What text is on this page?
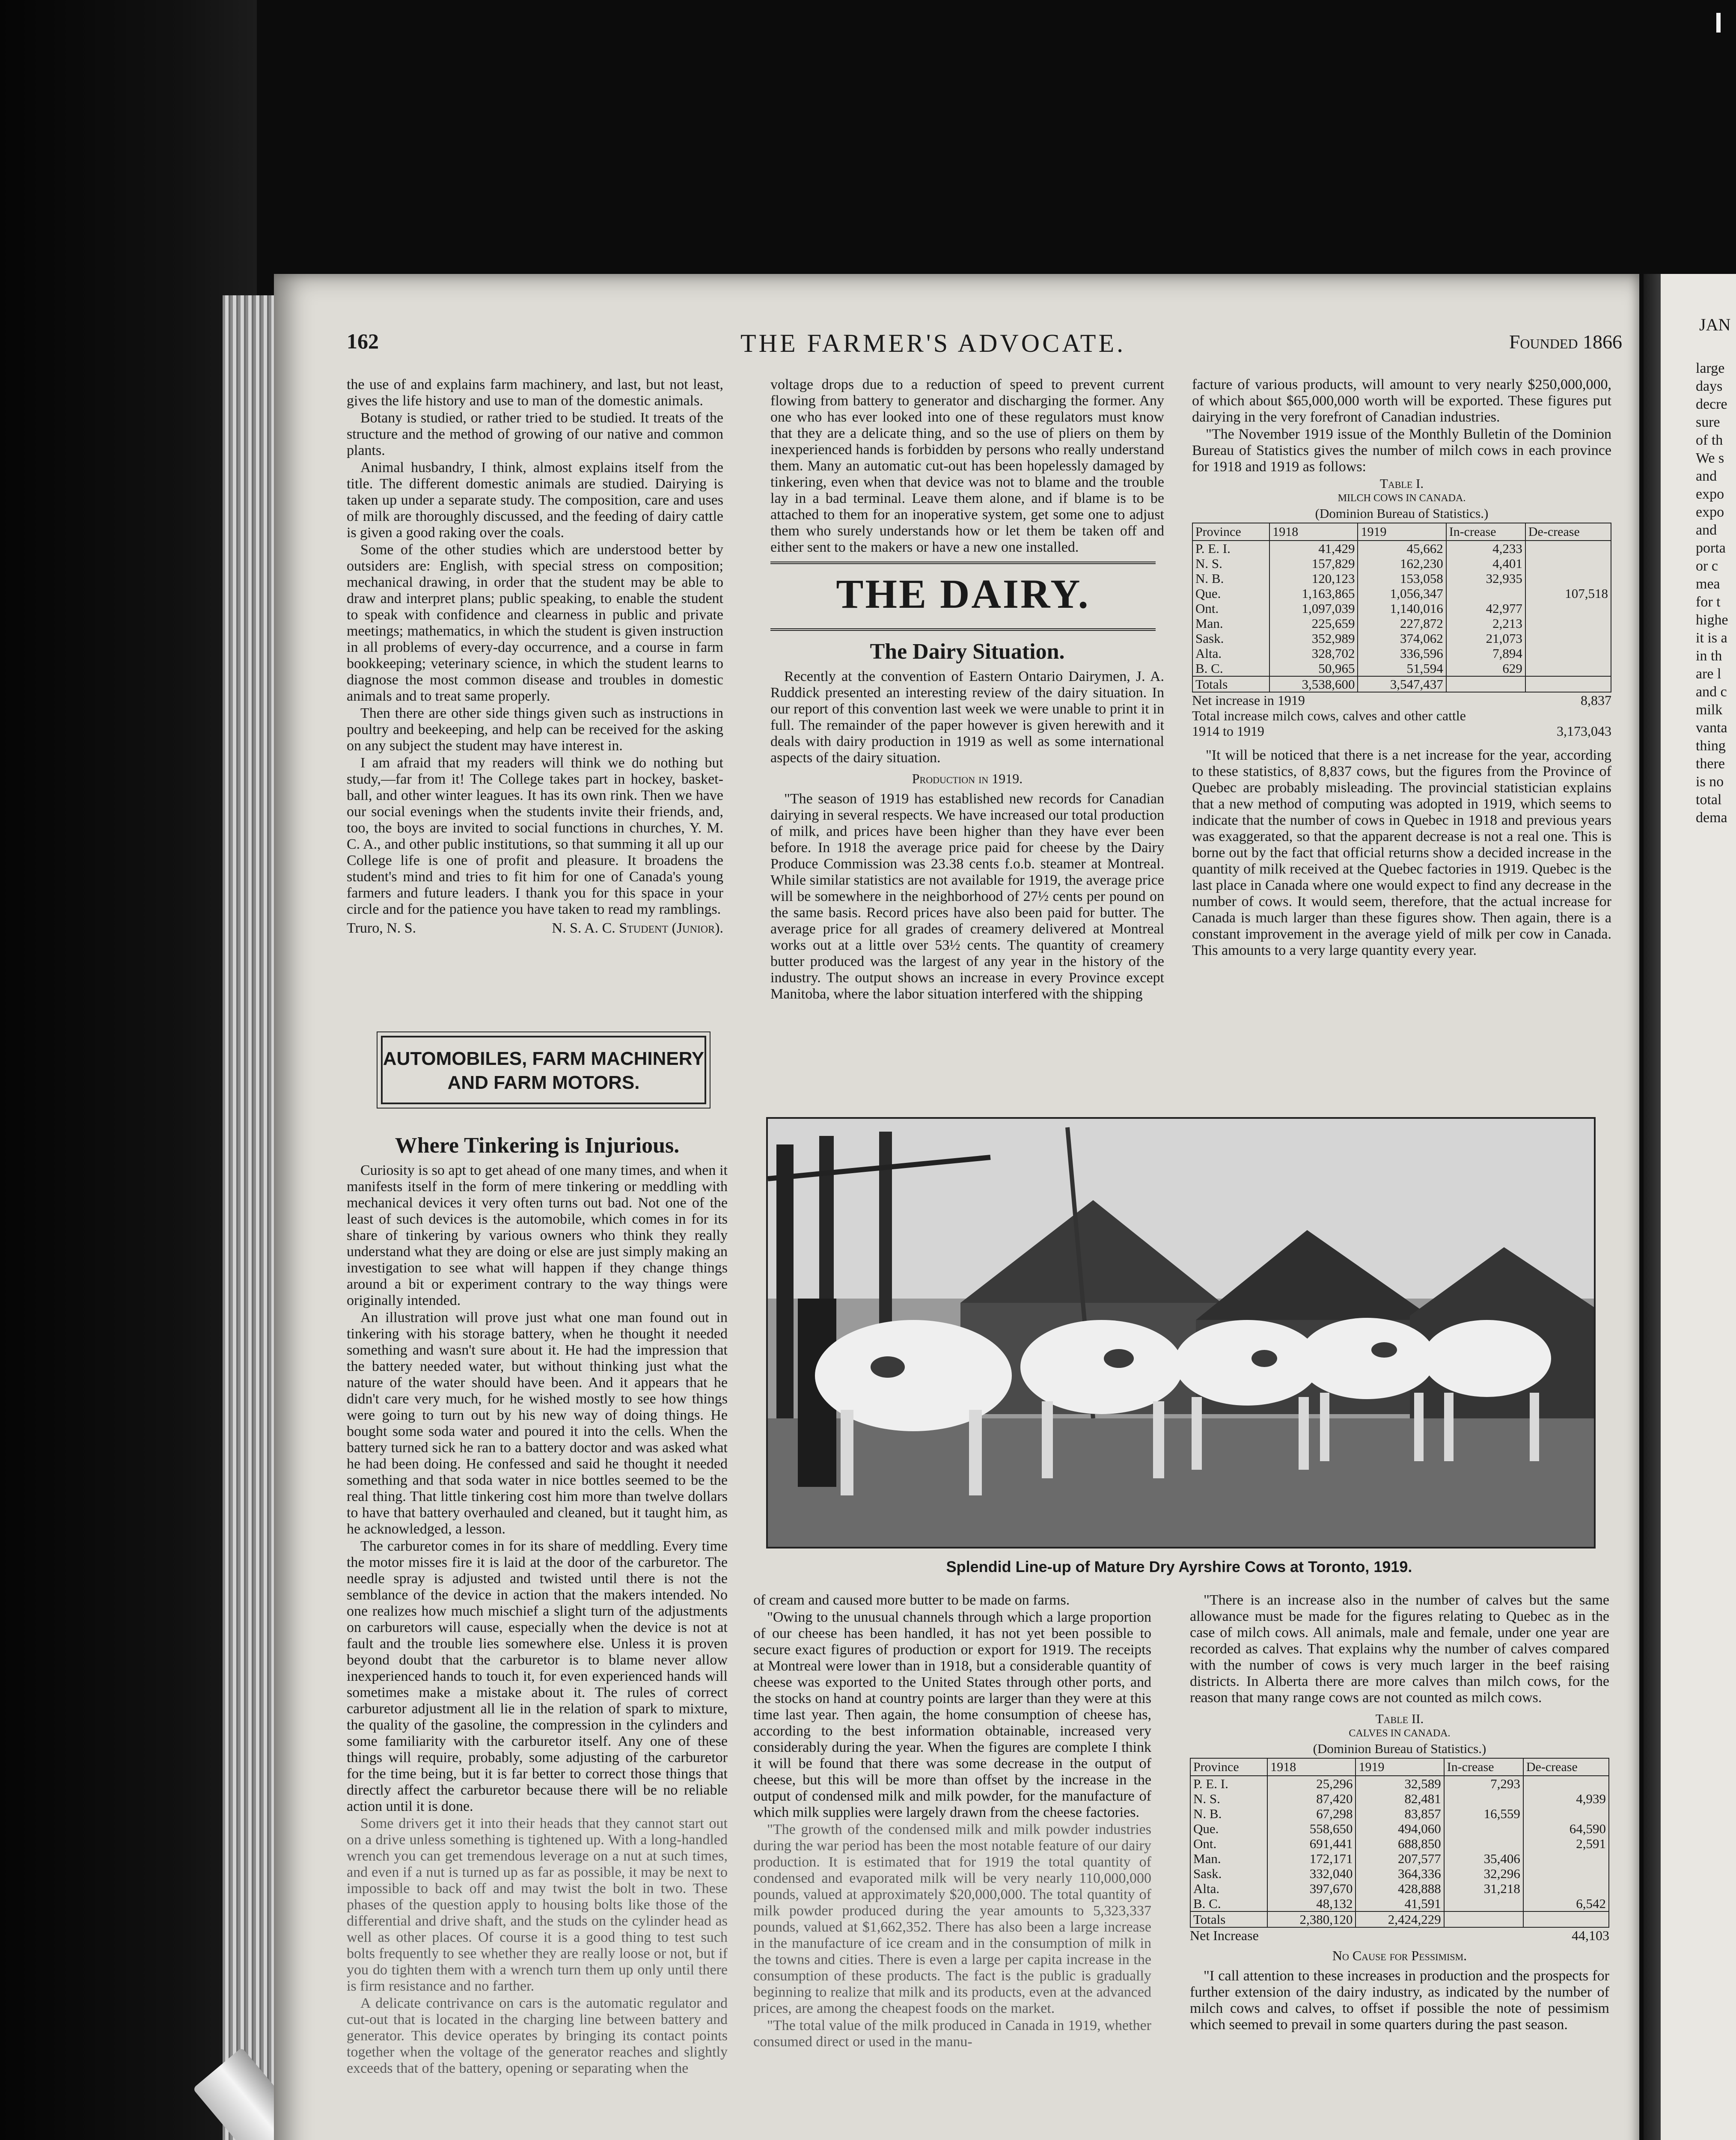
162	THE FARMER'S ADVOCATE.	Founded 1866

the use of and explains farm machinery, and last, but not least, gives the life history and use to man of the domestic animals.

Botany is studied, or rather tried to be studied. It treats of the structure and the method of growing of our native and common plants.

Animal husbandry, I think, almost explains itself from the title. The different domestic animals are studied. Dairying is taken up under a separate study. The composition, care and uses of milk are thoroughly discussed, and the feeding of dairy cattle is given a good raking over the coals.

Some of the other studies which are understood better by outsiders are: English, with special stress on composition; mechanical drawing, in order that the student may be able to draw and interpret plans; public speaking, to enable the student to speak with confidence and clearness in public and private meetings; mathematics, in which the student is given instruction in all problems of every-day occurrence, and a course in farm bookkeeping; veterinary science, in which the student learns to diagnose the most common disease and troubles in domestic animals and to treat same properly.

Then there are other side things given such as instructions in poultry and beekeeping, and help can be received for the asking on any subject the student may have interest in.

I am afraid that my readers will think we do nothing but study,—far from it! The College takes part in hockey, basket-ball, and other winter leagues. It has its own rink. Then we have our social evenings when the students invite their friends, and, too, the boys are invited to social functions in churches, Y. M. C. A., and other public institutions, so that summing it all up our College life is one of profit and pleasure. It broadens the student's mind and tries to fit him for one of Canada's young farmers and future leaders. I thank you for this space in your circle and for the patience you have taken to read my ramblings.

Truro, N. S.	N. S. A. C. Student (Junior).
AUTOMOBILES, FARM MACHINERY
AND FARM MOTORS.
Where Tinkering is Injurious.

Curiosity is so apt to get ahead of one many times, and when it manifests itself in the form of mere tinkering or meddling with mechanical devices it very often turns out bad. Not one of the least of such devices is the automobile, which comes in for its share of tinkering by various owners who think they really understand what they are doing or else are just simply making an investigation to see what will happen if they change things around a bit or experiment contrary to the way things were originally intended.

An illustration will prove just what one man found out in tinkering with his storage battery, when he thought it needed something and wasn't sure about it. He had the impression that the battery needed water, but without thinking just what the nature of the water should have been. And it appears that he didn't care very much, for he wished mostly to see how things were going to turn out by his new way of doing things. He bought some soda water and poured it into the cells. When the battery turned sick he ran to a battery doctor and was asked what he had been doing. He confessed and said he thought it needed something and that soda water in nice bottles seemed to be the real thing. That little tinkering cost him more than twelve dollars to have that battery overhauled and cleaned, but it taught him, as he acknowledged, a lesson.

The carburetor comes in for its share of meddling. Every time the motor misses fire it is laid at the door of the carburetor. The needle spray is adjusted and twisted until there is not the semblance of the device in action that the makers intended. No one realizes how much mischief a slight turn of the adjustments on carburetors will cause, especially when the device is not at fault and the trouble lies somewhere else. Unless it is proven beyond doubt that the carburetor is to blame never allow inexperienced hands to touch it, for even experienced hands will sometimes make a mistake about it. The rules of correct carburetor adjustment all lie in the relation of spark to mixture, the quality of the gasoline, the compression in the cylinders and some familiarity with the carburetor itself. Any one of these things will require, probably, some adjusting of the carburetor for the time being, but it is far better to correct those things that directly affect the carburetor because there will be no reliable action until it is done.

Some drivers get it into their heads that they cannot start out on a drive unless something is tightened up. With a long-handled wrench you can get tremendous leverage on a nut at such times, and even if a nut is turned up as far as possible, it may be next to impossible to back off and may twist the bolt in two. These phases of the question apply to housing bolts like those of the differential and drive shaft, and the studs on the cylinder head as well as other places. Of course it is a good thing to test such bolts frequently to see whether they are really loose or not, but if you do tighten them with a wrench turn them up only until there is firm resistance and no farther.

A delicate contrivance on cars is the automatic regulator and cut-out that is located in the charging line between battery and generator. This device operates by bringing its contact points together when the voltage of the generator reaches and slightly exceeds that of the battery, opening or separating when the

voltage drops due to a reduction of speed to prevent current flowing from battery to generator and discharging the former. Any one who has ever looked into one of these regulators must know that they are a delicate thing, and so the use of pliers on them by inexperienced hands is forbidden by persons who really understand them. Many an automatic cut-out has been hopelessly damaged by tinkering, even when that device was not to blame and the trouble lay in a bad terminal. Leave them alone, and if blame is to be attached to them for an inoperative system, get some one to adjust them who surely understands how or let them be taken off and either sent to the makers or have a new one installed.

THE DAIRY.
The Dairy Situation.

Recently at the convention of Eastern Ontario Dairymen, J. A. Ruddick presented an interesting review of the dairy situation. In our report of this convention last week we were unable to print it in full. The remainder of the paper however is given herewith and it deals with dairy production in 1919 as well as some international aspects of the dairy situation.

Production in 1919.

"The season of 1919 has established new records for Canadian dairying in several respects. We have increased our total production of milk, and prices have been higher than they have ever been before. In 1918 the average price paid for cheese by the Dairy Produce Commission was 23.38 cents f.o.b. steamer at Montreal. While similar statistics are not available for 1919, the average price will be somewhere in the neighborhood of 27½ cents per pound on the same basis. Record prices have also been paid for butter. The average price for all grades of creamery delivered at Montreal works out at a little over 53½ cents. The quantity of creamery butter produced was the largest of any year in the history of the industry. The output shows an increase in every Province except Manitoba, where the labor situation interfered with the shipping

facture of various products, will amount to very nearly $250,000,000, of which about $65,000,000 worth will be exported. These figures put dairying in the very forefront of Canadian industries.

"The November 1919 issue of the Monthly Bulletin of the Dominion Bureau of Statistics gives the number of milch cows in each province for 1918 and 1919 as follows:

Table I.
MILCH COWS IN CANADA.
(Dominion Bureau of Statistics.)
Province	1918	1919	In-crease	De-crease
P. E. I.	41,429	45,662	4,233	
N. S.	157,829	162,230	4,401	
N. B.	120,123	153,058	32,935	
Que.	1,163,865	1,056,347		107,518
Ont.	1,097,039	1,140,016	42,977	
Man.	225,659	227,872	2,213	
Sask.	352,989	374,062	21,073	
Alta.	328,702	336,596	7,894	
B. C.	50,965	51,594	629	
Totals	3,538,600	3,547,437		
Net increase in 1919	8,837
Total increase milch cows, calves and other cattle 1914 to 1919	3,173,043

"It will be noticed that there is a net increase for the year, according to these statistics, of 8,837 cows, but the figures from the Province of Quebec are probably misleading. The provincial statistician explains that a new method of computing was adopted in 1919, which seems to indicate that the number of cows in Quebec in 1918 and previous years was exaggerated, so that the apparent decrease is not a real one. This is borne out by the fact that official returns show a decided increase in the quantity of milk received at the Quebec factories in 1919. Quebec is the last place in Canada where one would expect to find any decrease in the number of cows. It would seem, therefore, that the actual increase for Canada is much larger than these figures show. Then again, there is a constant improvement in the average yield of milk per cow in Canada. This amounts to a very large quantity every year.

Splendid Line-up of Mature Dry Ayrshire Cows at Toronto, 1919.

of cream and caused more butter to be made on farms.

"Owing to the unusual channels through which a large proportion of our cheese has been handled, it has not yet been possible to secure exact figures of production or export for 1919. The receipts at Montreal were lower than in 1918, but a considerable quantity of cheese was exported to the United States through other ports, and the stocks on hand at country points are larger than they were at this time last year. Then again, the home consumption of cheese has, according to the best information obtainable, increased very considerably during the year. When the figures are complete I think it will be found that there was some decrease in the output of cheese, but this will be more than offset by the increase in the output of condensed milk and milk powder, for the manufacture of which milk supplies were largely drawn from the cheese factories.

"The growth of the condensed milk and milk powder industries during the war period has been the most notable feature of our dairy production. It is estimated that for 1919 the total quantity of condensed and evaporated milk will be very nearly 110,000,000 pounds, valued at approximately $20,000,000. The total quantity of milk powder produced during the year amounts to 5,323,337 pounds, valued at $1,662,352. There has also been a large increase in the manufacture of ice cream and in the consumption of milk in the towns and cities. There is even a large per capita increase in the consumption of these products. The fact is the public is gradually beginning to realize that milk and its products, even at the advanced prices, are among the cheapest foods on the market.

"The total value of the milk produced in Canada in 1919, whether consumed direct or used in the manu-

"There is an increase also in the number of calves but the same allowance must be made for the figures relating to Quebec as in the case of milch cows. All animals, male and female, under one year are recorded as calves. That explains why the number of calves compared with the number of cows is very much larger in the beef raising districts. In Alberta there are more calves than milch cows, for the reason that many range cows are not counted as milch cows.

Table II.
CALVES IN CANADA.
(Dominion Bureau of Statistics.)
Province	1918	1919	In-crease	De-crease
P. E. I.	25,296	32,589	7,293	
N. S.	87,420	82,481		4,939
N. B.	67,298	83,857	16,559	
Que.	558,650	494,060		64,590
Ont.	691,441	688,850		2,591
Man.	172,171	207,577	35,406	
Sask.	332,040	364,336	32,296	
Alta.	397,670	428,888	31,218	
B. C.	48,132	41,591		6,542
Totals	2,380,120	2,424,229		
Net Increase	44,103
No Cause for Pessimism.

"I call attention to these increases in production and the prospects for further extension of the dairy industry, as indicated by the number of milch cows and calves, to offset if possible the note of pessimism which seemed to prevail in some quarters during the past season.

JAN
large
days
decre
sure
of th
We s
and
expo
expo
and
porta
or c
mea
for t
highe
it is a
in th
are l
and c
milk
vanta
thing
there
is no
total
dema
